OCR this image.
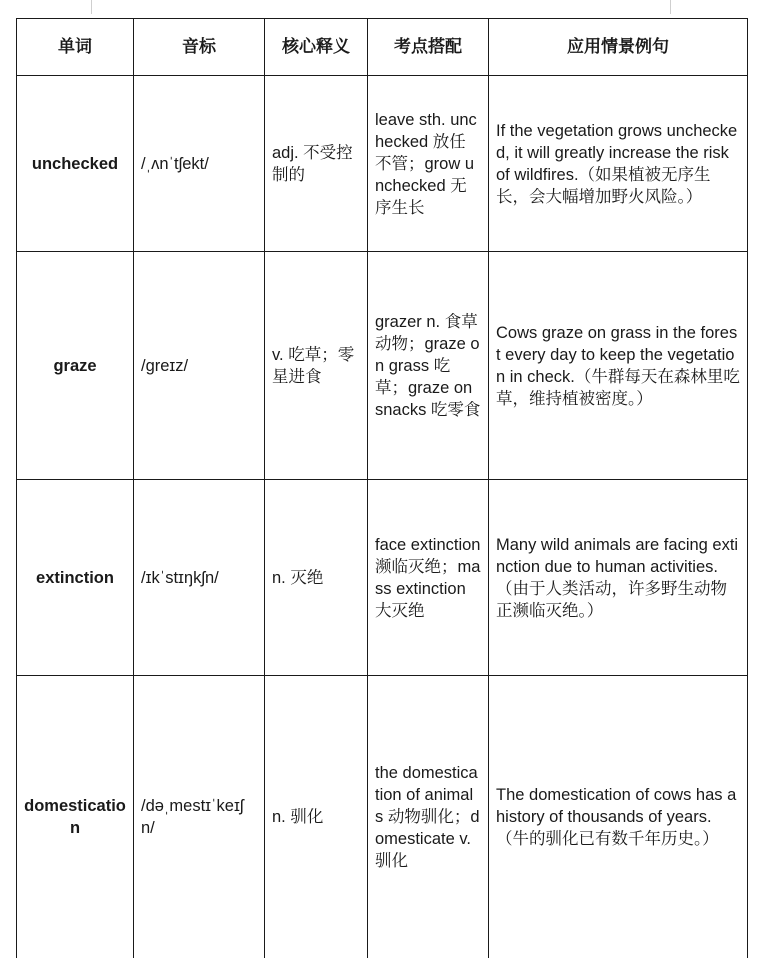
单词	音标	核心释义	考点搭配	应用情景例句
unchecked	/ˌʌnˈtʃekt/	adj. 不受控制的	leave sth. unchecked 放任不管；grow unchecked 无序生长	If the vegetation grows unchecked, it will greatly increase the risk of wildfires.（如果植被无序生长，会大幅增加野火风险。）
graze	/greɪz/	v. 吃草；零星进食	grazer n. 食草动物；graze on grass 吃草；graze on snacks 吃零食	Cows graze on grass in the forest every day to keep the vegetation in check.（牛群每天在森林里吃草，维持植被密度。）
extinction	/ɪkˈstɪŋkʃn/	n. 灭绝	face extinction 濒临灭绝；mass extinction 大灭绝	Many wild animals are facing extinction due to human activities.（由于人类活动，许多野生动物正濒临灭绝。）
domestication	/dəˌmestɪˈkeɪʃn/	n. 驯化	the domestication of animals 动物驯化；domesticate v. 驯化	The domestication of cows has a history of thousands of years.（牛的驯化已有数千年历史。）
